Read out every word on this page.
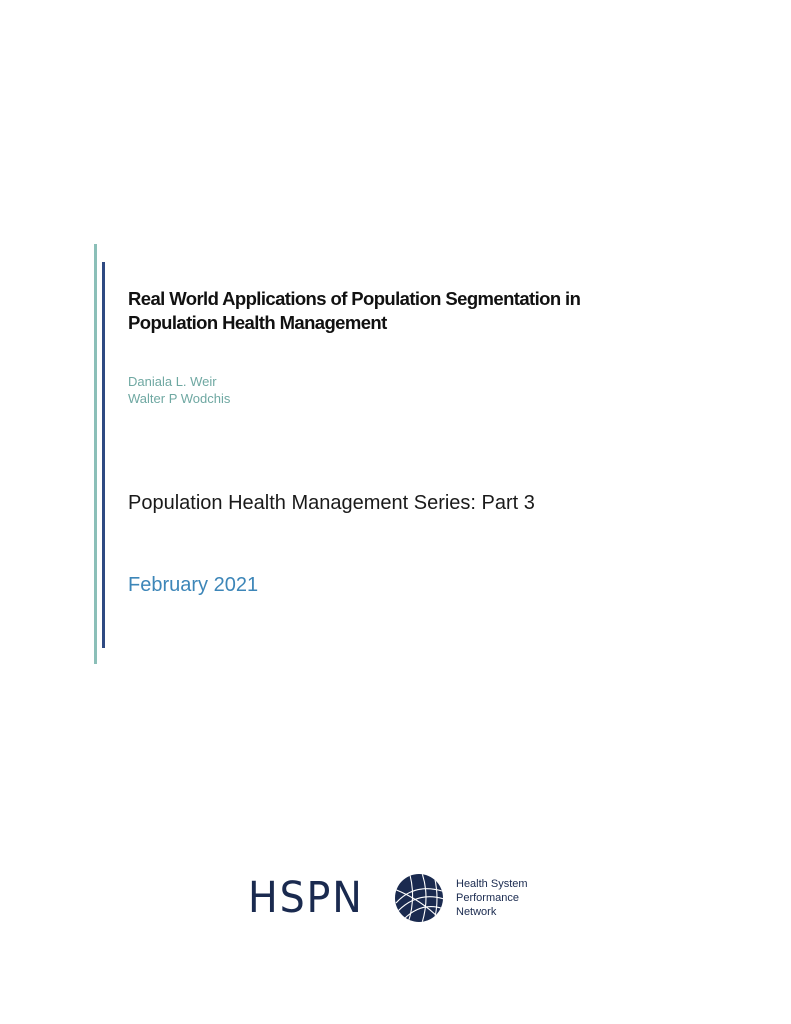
Real World Applications of Population Segmentation in
Population Health Management
Daniala L. Weir
Walter P Wodchis
Population Health Management Series: Part 3
February 2021
HSPN	Health System
Performance
Network
